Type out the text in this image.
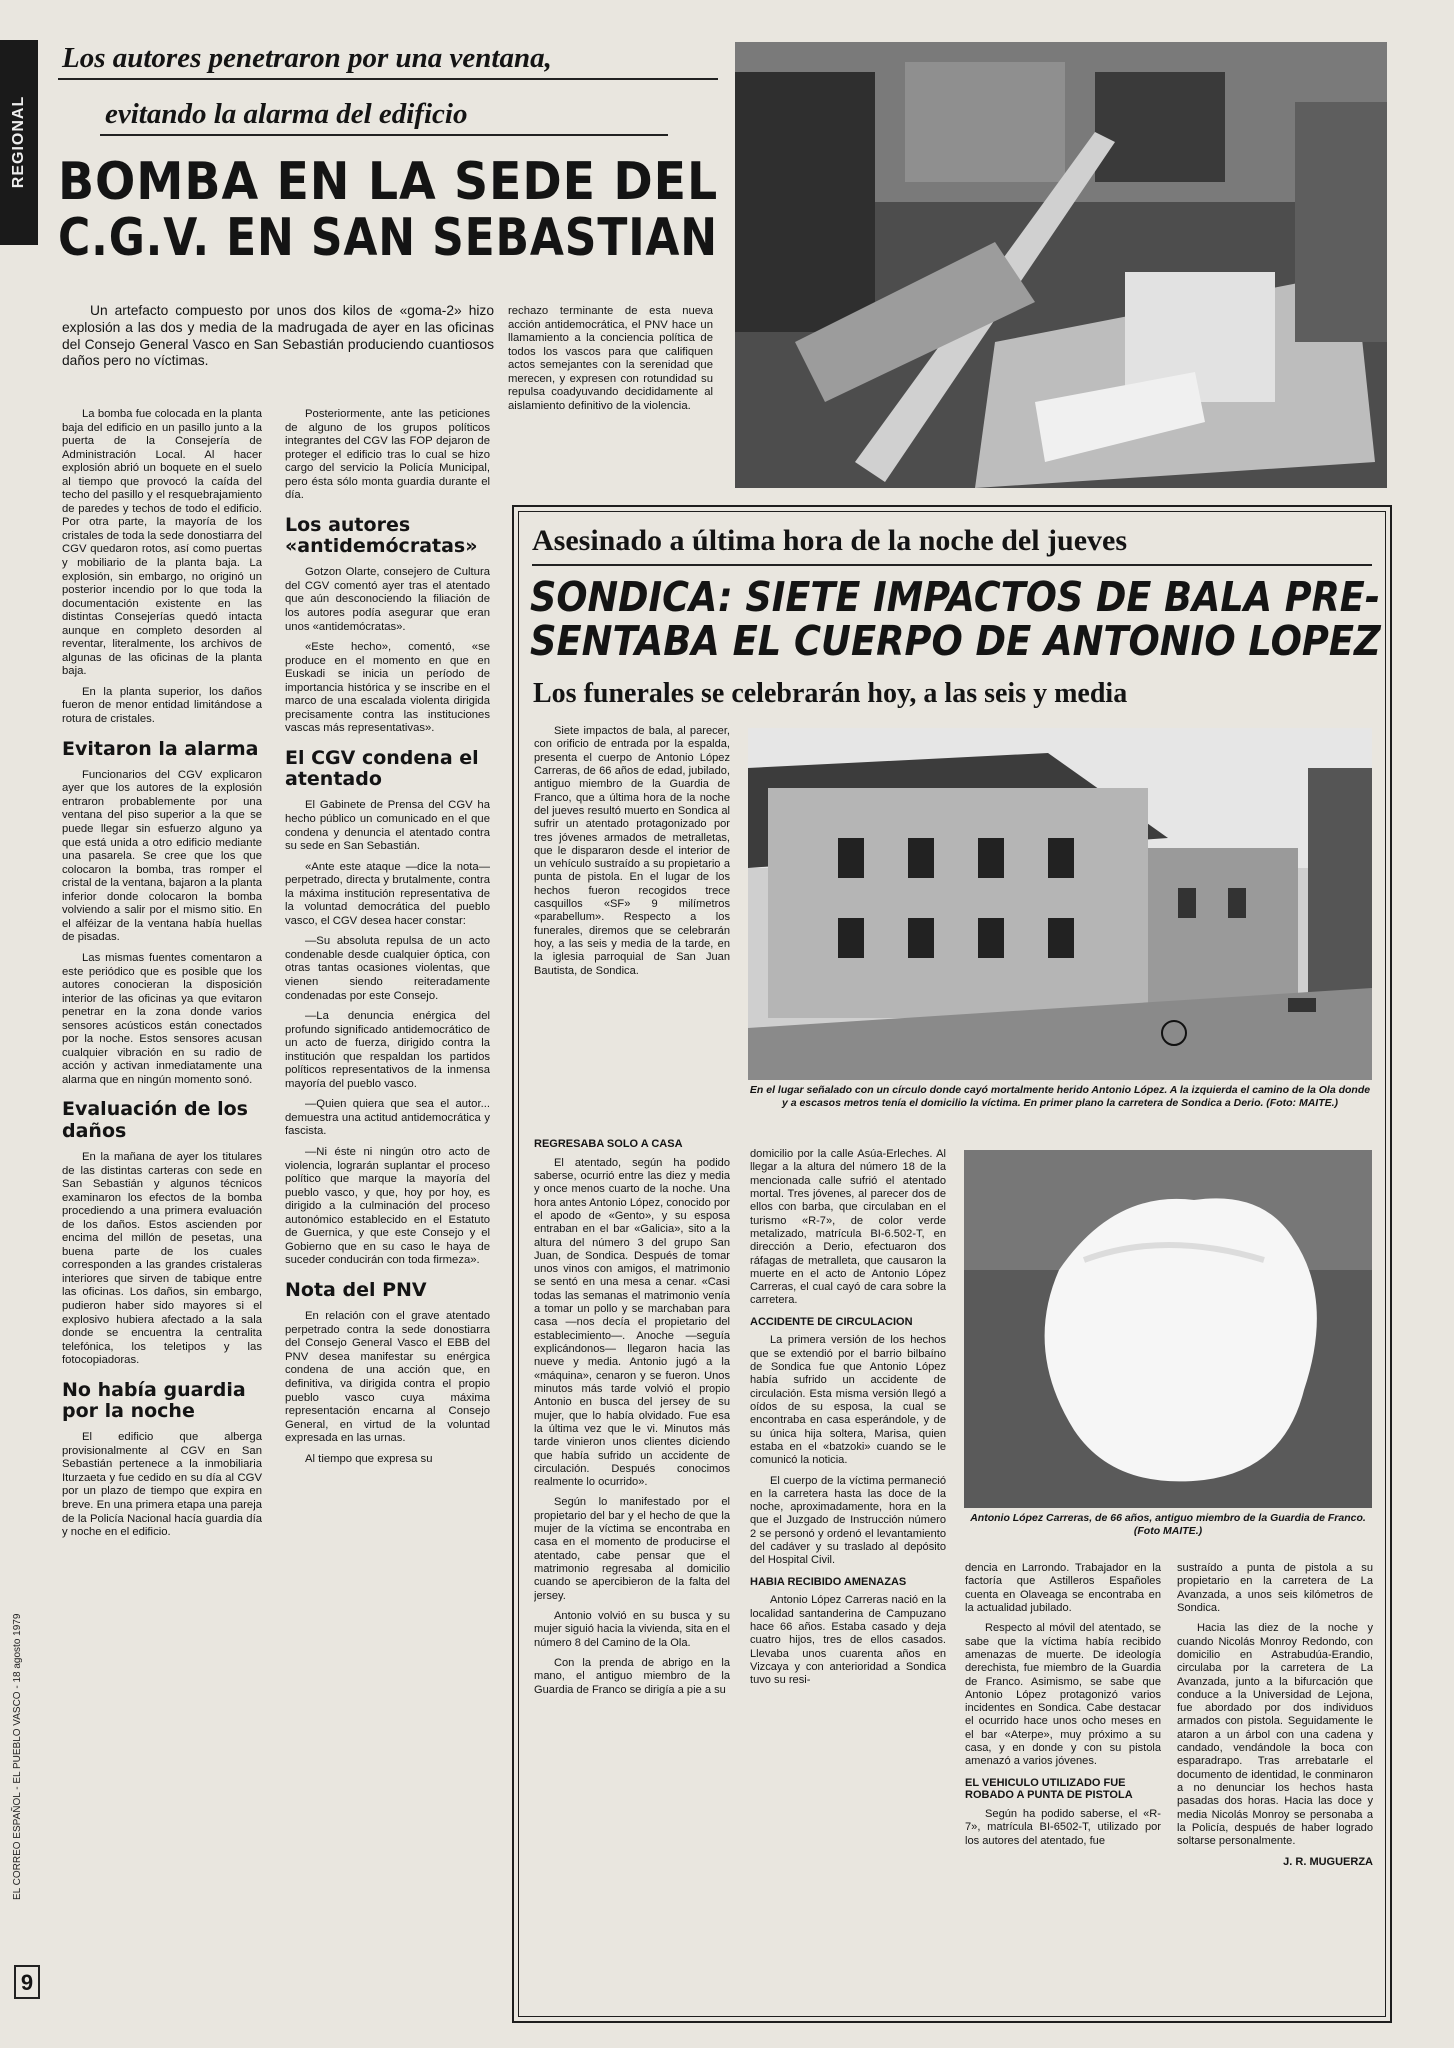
REGIONAL
EL CORREO ESPAÑOL - EL PUEBLO VASCO - 18 agosto 1979
9
Los autores penetraron por una ventana,
evitando la alarma del edificio
BOMBA EN LA SEDE DEL
C.G.V. EN SAN SEBASTIAN

Un artefacto compuesto por unos dos kilos de «goma-2» hizo explosión a las dos y media de la madrugada de ayer en las oficinas del Consejo General Vasco en San Sebastián produciendo cuantiosos daños pero no víctimas.

La bomba fue colocada en la planta baja del edificio en un pasillo junto a la puerta de la Consejería de Administración Local. Al hacer explosión abrió un boquete en el suelo al tiempo que provocó la caída del techo del pasillo y el resquebrajamiento de paredes y techos de todo el edificio. Por otra parte, la mayoría de los cristales de toda la sede donostiarra del CGV quedaron rotos, así como puertas y mobiliario de la planta baja. La explosión, sin embargo, no originó un posterior incendio por lo que toda la documentación existente en las distintas Consejerías quedó intacta aunque en completo desorden al reventar, literalmente, los archivos de algunas de las oficinas de la planta baja.

En la planta superior, los daños fueron de menor entidad limitándose a rotura de cristales.

Evitaron la alarma

Funcionarios del CGV explicaron ayer que los autores de la explosión entraron probablemente por una ventana del piso superior a la que se puede llegar sin esfuerzo alguno ya que está unida a otro edificio mediante una pasarela. Se cree que los que colocaron la bomba, tras romper el cristal de la ventana, bajaron a la planta inferior donde colocaron la bomba volviendo a salir por el mismo sitio. En el alféizar de la ventana había huellas de pisadas.

Las mismas fuentes comentaron a este periódico que es posible que los autores conocieran la disposición interior de las oficinas ya que evitaron penetrar en la zona donde varios sensores acústicos están conectados por la noche. Estos sensores acusan cualquier vibración en su radio de acción y activan inmediatamente una alarma que en ningún momento sonó.

Evaluación de los daños

En la mañana de ayer los titulares de las distintas carteras con sede en San Sebastián y algunos técnicos examinaron los efectos de la bomba procediendo a una primera evaluación de los daños. Estos ascienden por encima del millón de pesetas, una buena parte de los cuales corresponden a las grandes cristaleras interiores que sirven de tabique entre las oficinas. Los daños, sin embargo, pudieron haber sido mayores si el explosivo hubiera afectado a la sala donde se encuentra la centralita telefónica, los teletipos y las fotocopiadoras.

No había guardia por la noche

El edificio que alberga provisionalmente al CGV en San Sebastián pertenece a la inmobiliaria Iturzaeta y fue cedido en su día al CGV por un plazo de tiempo que expira en breve. En una primera etapa una pareja de la Policía Nacional hacía guardia día y noche en el edificio.

Posteriormente, ante las peticiones de alguno de los grupos políticos integrantes del CGV las FOP dejaron de proteger el edificio tras lo cual se hizo cargo del servicio la Policía Municipal, pero ésta sólo monta guardia durante el día.

Los autores «antidemócratas»

Gotzon Olarte, consejero de Cultura del CGV comentó ayer tras el atentado que aún desconociendo la filiación de los autores podía asegurar que eran unos «antidemócratas».

«Este hecho», comentó, «se produce en el momento en que en Euskadi se inicia un período de importancia histórica y se inscribe en el marco de una escalada violenta dirigida precisamente contra las instituciones vascas más representativas».

El CGV condena el atentado

El Gabinete de Prensa del CGV ha hecho público un comunicado en el que condena y denuncia el atentado contra su sede en San Sebastián.

«Ante este ataque —dice la nota— perpetrado, directa y brutalmente, contra la máxima institución representativa de la voluntad democrática del pueblo vasco, el CGV desea hacer constar:

—Su absoluta repulsa de un acto condenable desde cualquier óptica, con otras tantas ocasiones violentas, que vienen siendo reiteradamente condenadas por este Consejo.

—La denuncia enérgica del profundo significado antidemocrático de un acto de fuerza, dirigido contra la institución que respaldan los partidos políticos representativos de la inmensa mayoría del pueblo vasco.

—Quien quiera que sea el autor... demuestra una actitud antidemocrática y fascista.

—Ni éste ni ningún otro acto de violencia, lograrán suplantar el proceso político que marque la mayoría del pueblo vasco, y que, hoy por hoy, es dirigido a la culminación del proceso autonómico establecido en el Estatuto de Guernica, y que este Consejo y el Gobierno que en su caso le haya de suceder conducirán con toda firmeza».

Nota del PNV

En relación con el grave atentado perpetrado contra la sede donostiarra del Consejo General Vasco el EBB del PNV desea manifestar su enérgica condena de una acción que, en definitiva, va dirigida contra el propio pueblo vasco cuya máxima representación encarna al Consejo General, en virtud de la voluntad expresada en las urnas.

Al tiempo que expresa su

rechazo terminante de esta nueva acción antidemocrática, el PNV hace un llamamiento a la conciencia política de todos los vascos para que califiquen actos semejantes con la serenidad que merecen, y expresen con rotundidad su repulsa coadyuvando decididamente al aislamiento definitivo de la violencia.

Asesinado a última hora de la noche del jueves
SONDICA: SIETE IMPACTOS DE BALA PRE-
SENTABA EL CUERPO DE ANTONIO LOPEZ
Los funerales se celebrarán hoy, a las seis y media

Siete impactos de bala, al parecer, con orificio de entrada por la espalda, presenta el cuerpo de Antonio López Carreras, de 66 años de edad, jubilado, antiguo miembro de la Guardia de Franco, que a última hora de la noche del jueves resultó muerto en Sondica al sufrir un atentado protagonizado por tres jóvenes armados de metralletas, que le dispararon desde el interior de un vehículo sustraído a su propietario a punta de pistola. En el lugar de los hechos fueron recogidos trece casquillos «SF» 9 milímetros «parabellum». Respecto a los funerales, diremos que se celebrarán hoy, a las seis y media de la tarde, en la iglesia parroquial de San Juan Bautista, de Sondica.

En el lugar señalado con un círculo donde cayó mortalmente herido Antonio López. A la izquierda el camino de la Ola donde y a escasos metros tenía el domicilio la víctima. En primer plano la carretera de Sondica a Derio. (Foto: MAITE.)
REGRESABA SOLO A CASA

El atentado, según ha podido saberse, ocurrió entre las diez y media y once menos cuarto de la noche. Una hora antes Antonio López, conocido por el apodo de «Gento», y su esposa entraban en el bar «Galicia», sito a la altura del número 3 del grupo San Juan, de Sondica. Después de tomar unos vinos con amigos, el matrimonio se sentó en una mesa a cenar. «Casi todas las semanas el matrimonio venía a tomar un pollo y se marchaban para casa —nos decía el propietario del establecimiento—. Anoche —seguía explicándonos— llegaron hacia las nueve y media. Antonio jugó a la «máquina», cenaron y se fueron. Unos minutos más tarde volvió el propio Antonio en busca del jersey de su mujer, que lo había olvidado. Fue esa la última vez que le vi. Minutos más tarde vinieron unos clientes diciendo que había sufrido un accidente de circulación. Después conocimos realmente lo ocurrido».

Según lo manifestado por el propietario del bar y el hecho de que la mujer de la víctima se encontraba en casa en el momento de producirse el atentado, cabe pensar que el matrimonio regresaba al domicilio cuando se apercibieron de la falta del jersey.

Antonio volvió en su busca y su mujer siguió hacia la vivienda, sita en el número 8 del Camino de la Ola.

Con la prenda de abrigo en la mano, el antiguo miembro de la Guardia de Franco se dirigía a pie a su

domicilio por la calle Asúa-Erleches. Al llegar a la altura del número 18 de la mencionada calle sufrió el atentado mortal. Tres jóvenes, al parecer dos de ellos con barba, que circulaban en el turismo «R-7», de color verde metalizado, matrícula BI-6.502-T, en dirección a Derio, efectuaron dos ráfagas de metralleta, que causaron la muerte en el acto de Antonio López Carreras, el cual cayó de cara sobre la carretera.

ACCIDENTE DE CIRCULACION

La primera versión de los hechos que se extendió por el barrio bilbaíno de Sondica fue que Antonio López había sufrido un accidente de circulación. Esta misma versión llegó a oídos de su esposa, la cual se encontraba en casa esperándole, y de su única hija soltera, Marisa, quien estaba en el «batzoki» cuando se le comunicó la noticia.

El cuerpo de la víctima permaneció en la carretera hasta las doce de la noche, aproximadamente, hora en la que el Juzgado de Instrucción número 2 se personó y ordenó el levantamiento del cadáver y su traslado al depósito del Hospital Civil.

HABIA RECIBIDO AMENAZAS

Antonio López Carreras nació en la localidad santanderina de Campuzano hace 66 años. Estaba casado y deja cuatro hijos, tres de ellos casados. Llevaba unos cuarenta años en Vizcaya y con anterioridad a Sondica tuvo su resi-

Antonio López Carreras, de 66 años, antiguo miembro de la Guardia de Franco. (Foto MAITE.)

dencia en Larrondo. Trabajador en la factoría que Astilleros Españoles cuenta en Olaveaga se encontraba en la actualidad jubilado.

Respecto al móvil del atentado, se sabe que la víctima había recibido amenazas de muerte. De ideología derechista, fue miembro de la Guardia de Franco. Asimismo, se sabe que Antonio López protagonizó varios incidentes en Sondica. Cabe destacar el ocurrido hace unos ocho meses en el bar «Aterpe», muy próximo a su casa, y en donde y con su pistola amenazó a varios jóvenes.

EL VEHICULO UTILIZADO FUE ROBADO A PUNTA DE PISTOLA

Según ha podido saberse, el «R-7», matrícula BI-6502-T, utilizado por los autores del atentado, fue

sustraído a punta de pistola a su propietario en la carretera de La Avanzada, a unos seis kilómetros de Sondica.

Hacia las diez de la noche y cuando Nicolás Monroy Redondo, con domicilio en Astrabudúa-Erandio, circulaba por la carretera de La Avanzada, junto a la bifurcación que conduce a la Universidad de Lejona, fue abordado por dos individuos armados con pistola. Seguidamente le ataron a un árbol con una cadena y candado, vendándole la boca con esparadrapo. Tras arrebatarle el documento de identidad, le conminaron a no denunciar los hechos hasta pasadas dos horas. Hacia las doce y media Nicolás Monroy se personaba a la Policía, después de haber logrado soltarse personalmente.

J. R. MUGUERZA
